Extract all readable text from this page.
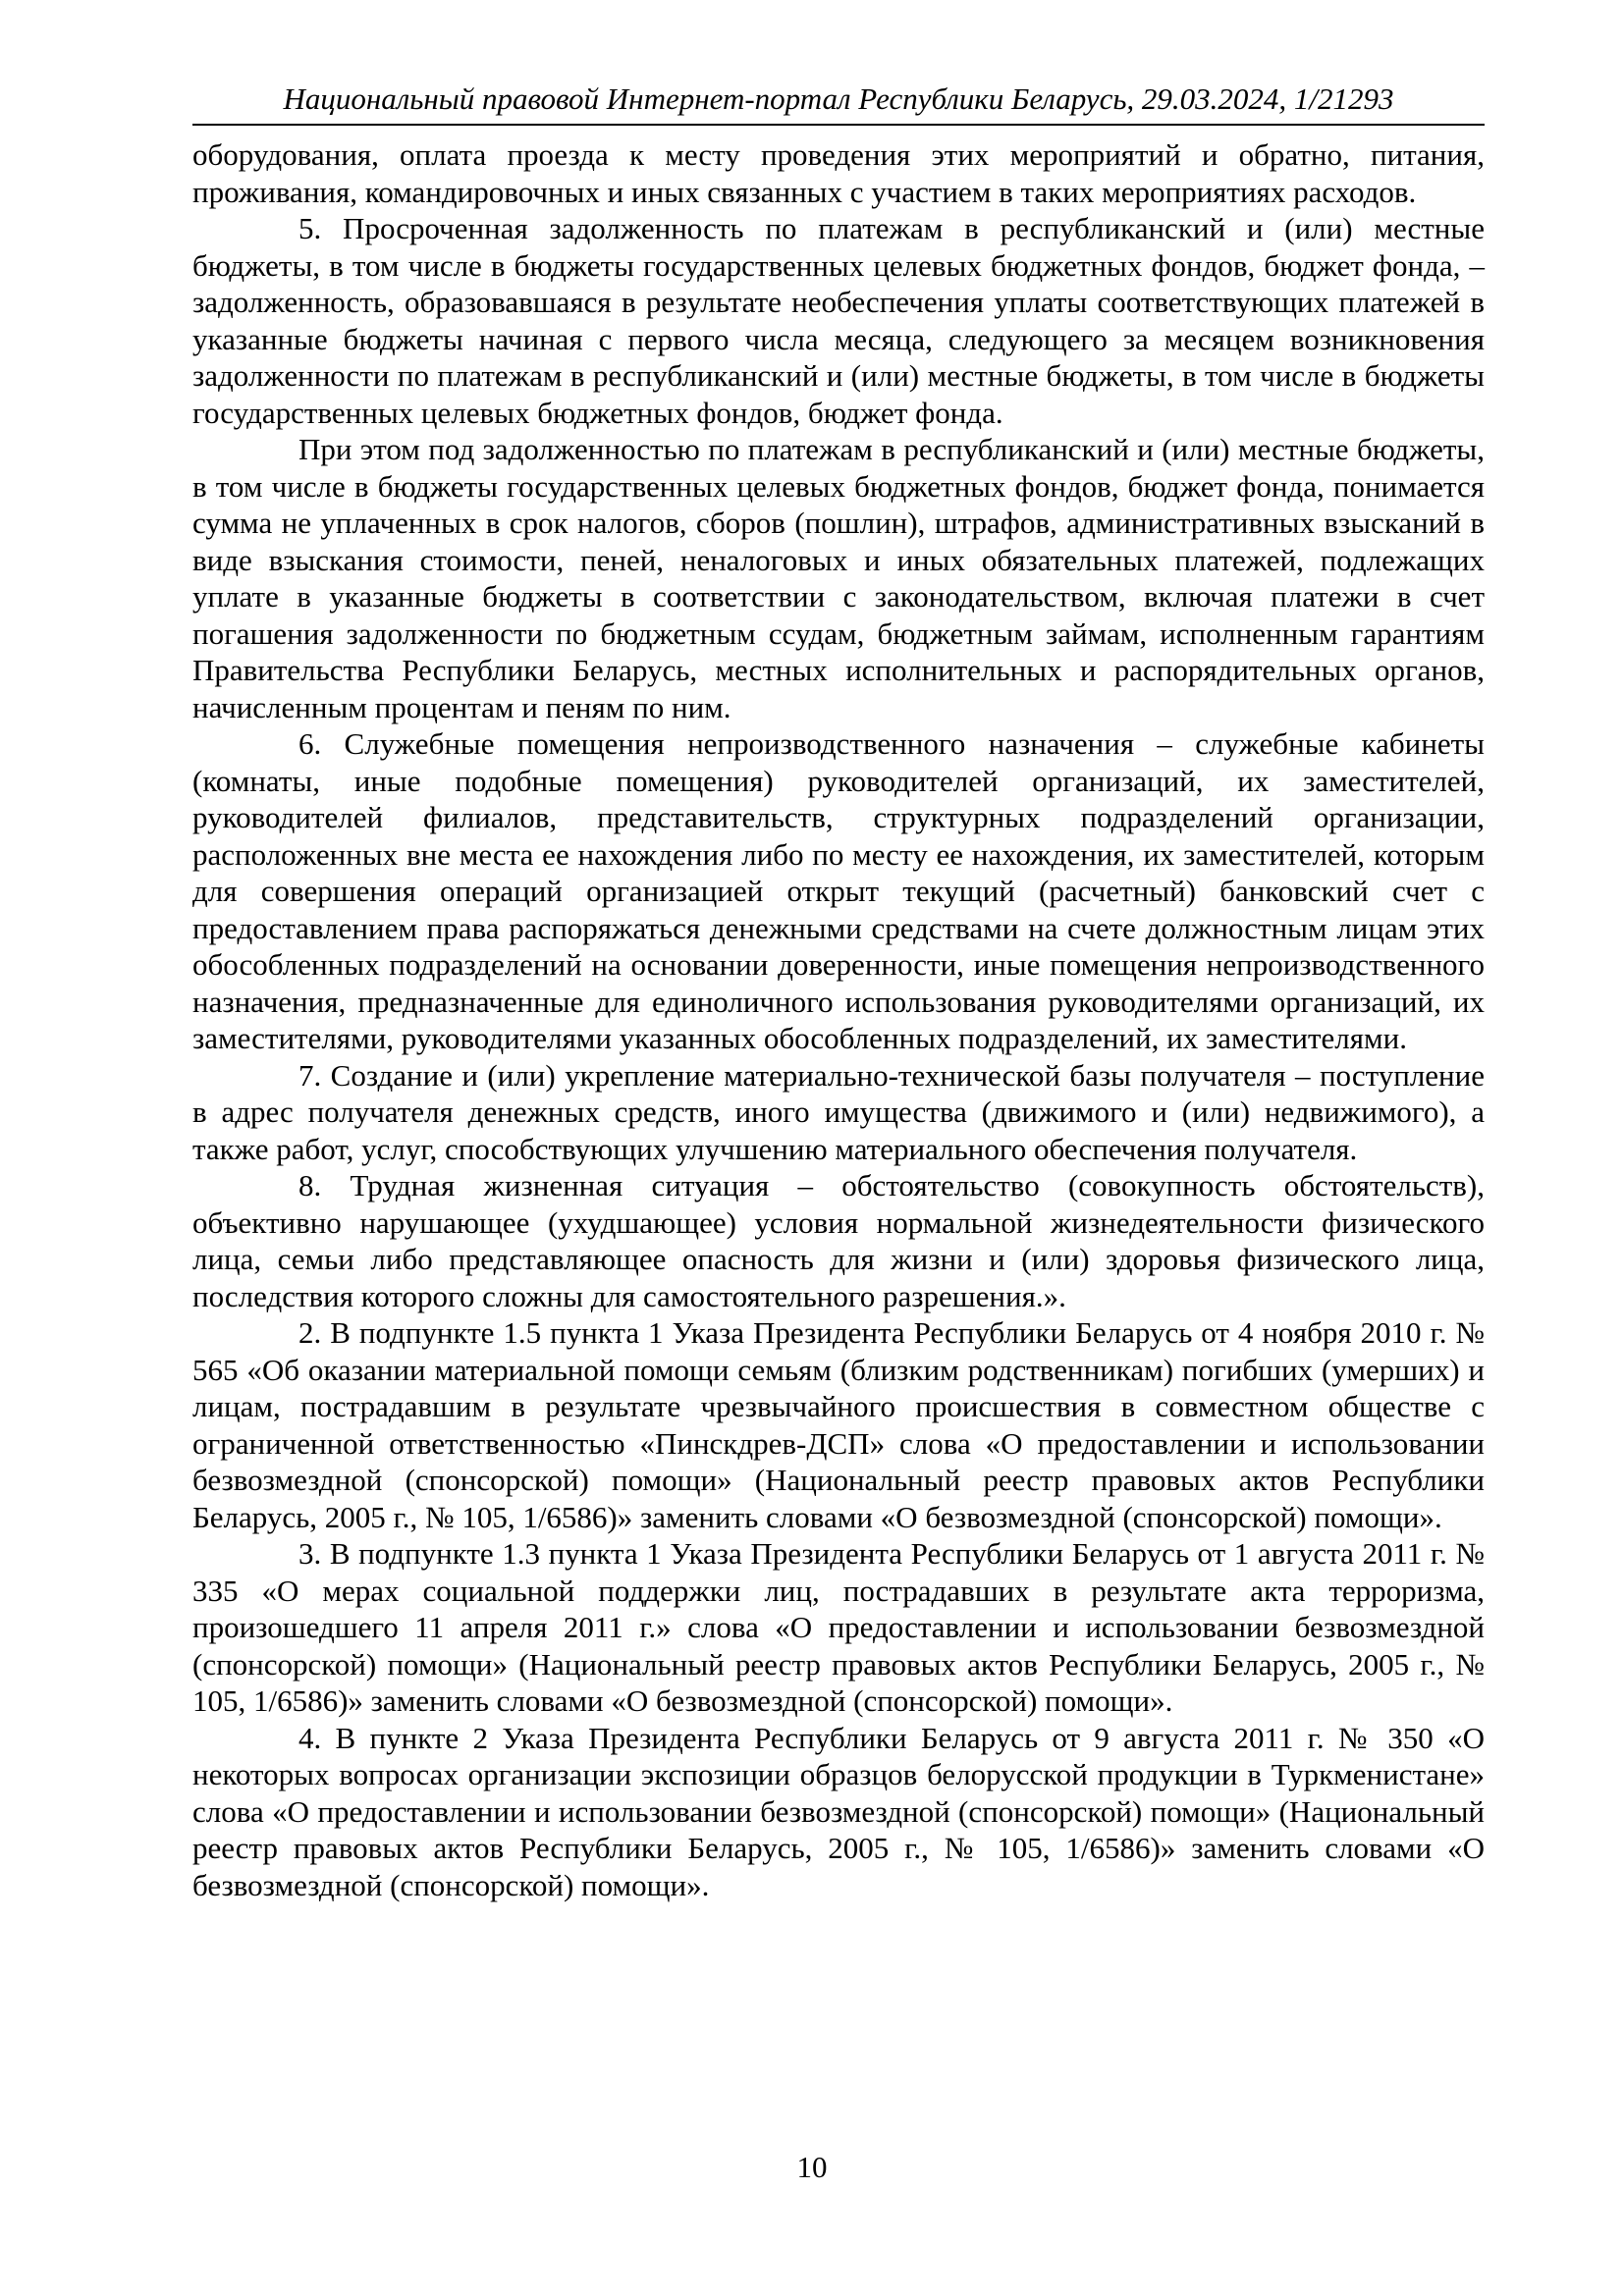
Национальный правовой Интернет-портал Республики Беларусь, 29.03.2024, 1/21293

оборудования, оплата проезда к месту проведения этих мероприятий и обратно, питания, проживания, командировочных и иных связанных с участием в таких мероприятиях расходов.

5. Просроченная задолженность по платежам в республиканский и (или) местные бюджеты, в том числе в бюджеты государственных целевых бюджетных фондов, бюджет фонда, – задолженность, образовавшаяся в результате необеспечения уплаты соответствующих платежей в указанные бюджеты начиная с первого числа месяца, следующего за месяцем возникновения задолженности по платежам в республиканский и (или) местные бюджеты, в том числе в бюджеты государственных целевых бюджетных фондов, бюджет фонда.

При этом под задолженностью по платежам в республиканский и (или) местные бюджеты, в том числе в бюджеты государственных целевых бюджетных фондов, бюджет фонда, понимается сумма не уплаченных в срок налогов, сборов (пошлин), штрафов, административных взысканий в виде взыскания стоимости, пеней, неналоговых и иных обязательных платежей, подлежащих уплате в указанные бюджеты в соответствии с законодательством, включая платежи в счет погашения задолженности по бюджетным ссудам, бюджетным займам, исполненным гарантиям Правительства Республики Беларусь, местных исполнительных и распорядительных органов, начисленным процентам и пеням по ним.

6. Служебные помещения непроизводственного назначения – служебные кабинеты (комнаты, иные подобные помещения) руководителей организаций, их заместителей, руководителей филиалов, представительств, структурных подразделений организации, расположенных вне места ее нахождения либо по месту ее нахождения, их заместителей, которым для совершения операций организацией открыт текущий (расчетный) банковский счет с предоставлением права распоряжаться денежными средствами на счете должностным лицам этих обособленных подразделений на основании доверенности, иные помещения непроизводственного назначения, предназначенные для единоличного использования руководителями организаций, их заместителями, руководителями указанных обособленных подразделений, их заместителями.

7. Создание и (или) укрепление материально-технической базы получателя – поступление в адрес получателя денежных средств, иного имущества (движимого и (или) недвижимого), а также работ, услуг, способствующих улучшению материального обеспечения получателя.

8. Трудная жизненная ситуация – обстоятельство (совокупность обстоятельств), объективно нарушающее (ухудшающее) условия нормальной жизнедеятельности физического лица, семьи либо представляющее опасность для жизни и (или) здоровья физического лица, последствия которого сложны для самостоятельного разрешения.».

2. В подпункте 1.5 пункта 1 Указа Президента Республики Беларусь от 4 ноября 2010 г. № 565 «Об оказании материальной помощи семьям (близким родственникам) погибших (умерших) и лицам, пострадавшим в результате чрезвычайного происшествия в совместном обществе с ограниченной ответственностью «Пинскдрев-ДСП» слова «О предоставлении и использовании безвозмездной (спонсорской) помощи» (Национальный реестр правовых актов Республики Беларусь, 2005 г., № 105, 1/6586)» заменить словами «О безвозмездной (спонсорской) помощи».

3. В подпункте 1.3 пункта 1 Указа Президента Республики Беларусь от 1 августа 2011 г. № 335 «О мерах социальной поддержки лиц, пострадавших в результате акта терроризма, произошедшего 11 апреля 2011 г.» слова «О предоставлении и использовании безвозмездной (спонсорской) помощи» (Национальный реестр правовых актов Республики Беларусь, 2005 г., № 105, 1/6586)» заменить словами «О безвозмездной (спонсорской) помощи».

4. В пункте 2 Указа Президента Республики Беларусь от 9 августа 2011 г. № 350 «О некоторых вопросах организации экспозиции образцов белорусской продукции в Туркменистане» слова «О предоставлении и использовании безвозмездной (спонсорской) помощи» (Национальный реестр правовых актов Республики Беларусь, 2005 г., № 105, 1/6586)» заменить словами «О безвозмездной (спонсорской) помощи».

10
